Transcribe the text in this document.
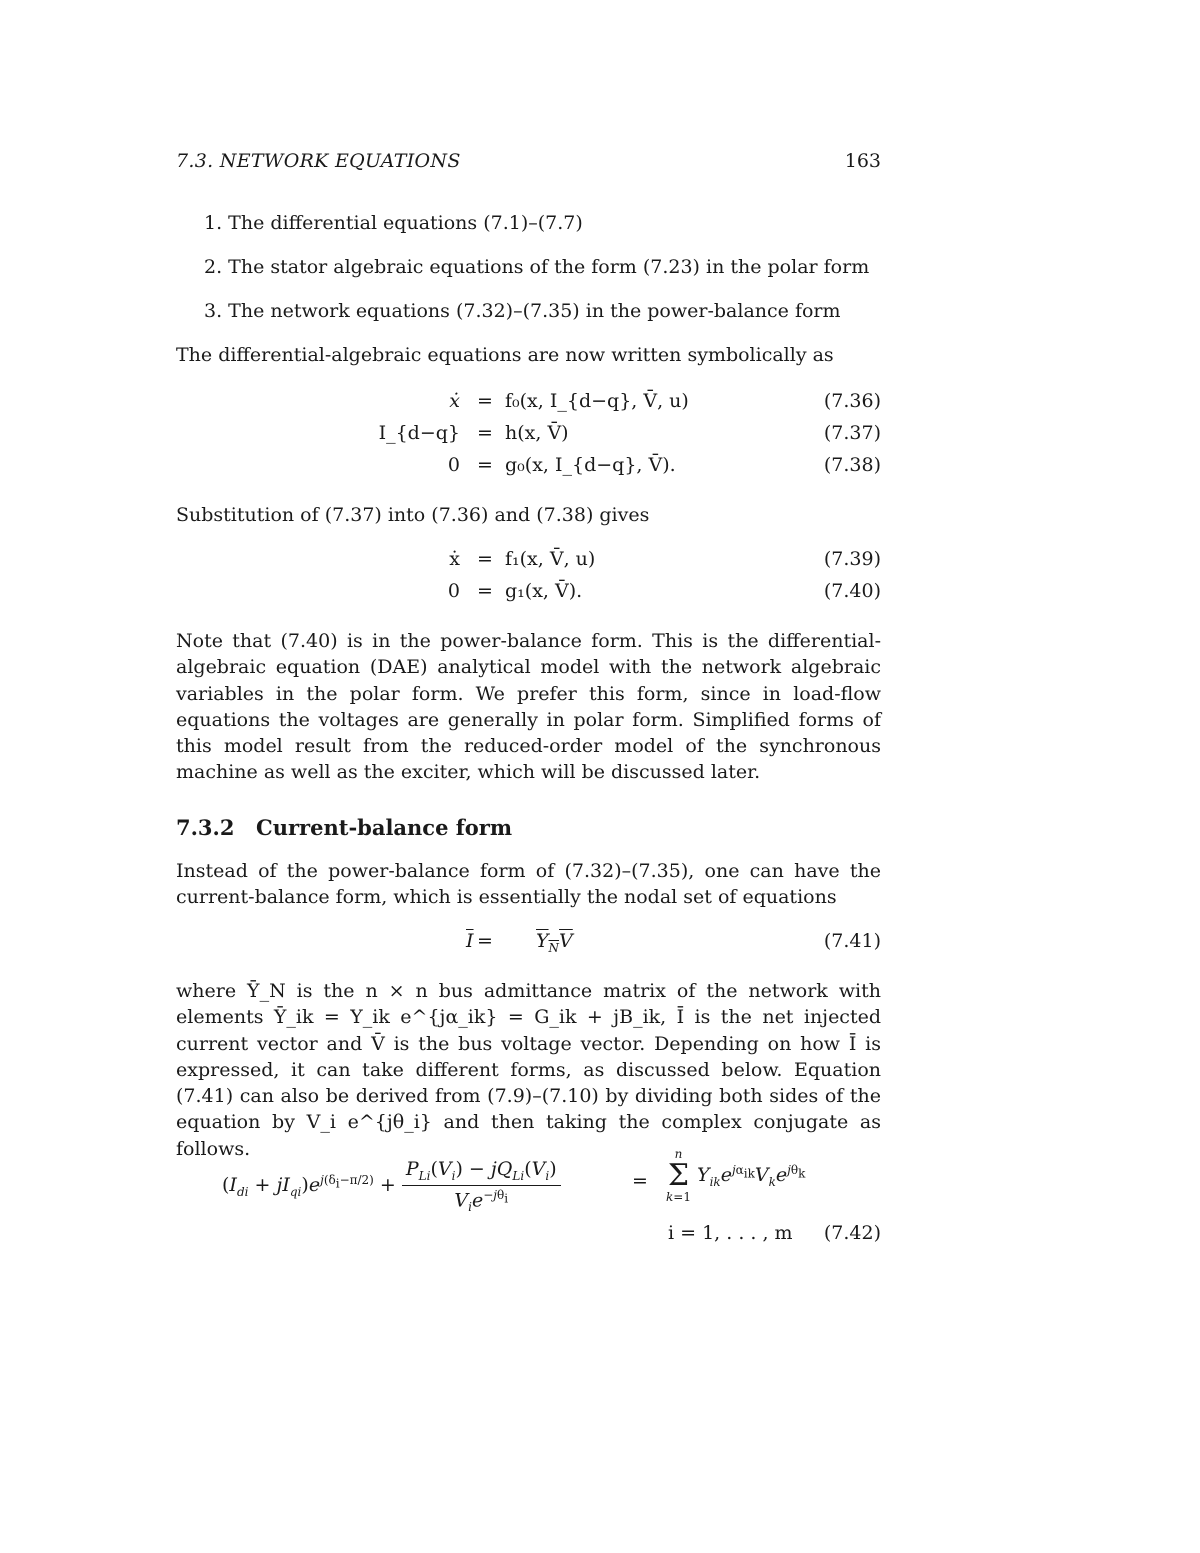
7.3. NETWORK EQUATIONS	163
1. The differential equations (7.1)–(7.7)
2. The stator algebraic equations of the form (7.23) in the polar form
3. The network equations (7.32)–(7.35) in the power-balance form
The differential-algebraic equations are now written symbolically as
ẋ = f₀(x, I_{d−q}, V̄, u)	(7.36)
I_{d−q} = h(x, V̄)	(7.37)
0 = g₀(x, I_{d−q}, V̄).	(7.38)
Substitution of (7.37) into (7.36) and (7.38) gives
ẋ = f₁(x, V̄, u)	(7.39)
0 = g₁(x, V̄).	(7.40)
Note that (7.40) is in the power-balance form. This is the differential-algebraic equation (DAE) analytical model with the network algebraic variables in the polar form. We prefer this form, since in load-flow equations the voltages are generally in polar form. Simplified forms of this model result from the reduced-order model of the synchronous machine as well as the exciter, which will be discussed later.
7.3.2 Current-balance form
Instead of the power-balance form of (7.32)–(7.35), one can have the current-balance form, which is essentially the nodal set of equations
$\overline{I}$ =	$Y_NV$	(7.41)
where Ȳ_N is the n × n bus admittance matrix of the network with elements Ȳ_ik = Y_ik e^{jα_ik} = G_ik + jB_ik, Ī is the net injected current vector and V̄ is the bus voltage vector. Depending on how Ī is expressed, it can take different forms, as discussed below. Equation (7.41) can also be derived from (7.9)–(7.10) by dividing both sides of the equation by V_i e^{jθ_i} and then taking the complex conjugate as follows.
$(I_{di} + jI_{qi})e^{j(\delta_i-\pi/2)} + \frac{P_{Li}(V_i) - jQ_{Li}(V_i)}{V_ie^{-j\theta_i}}$	=
n
Σ
k=1 $Y_{ik}e^{j\alpha_{ik}}V_ke^{j\theta_k}$
i = 1, . . . , m (7.42)
